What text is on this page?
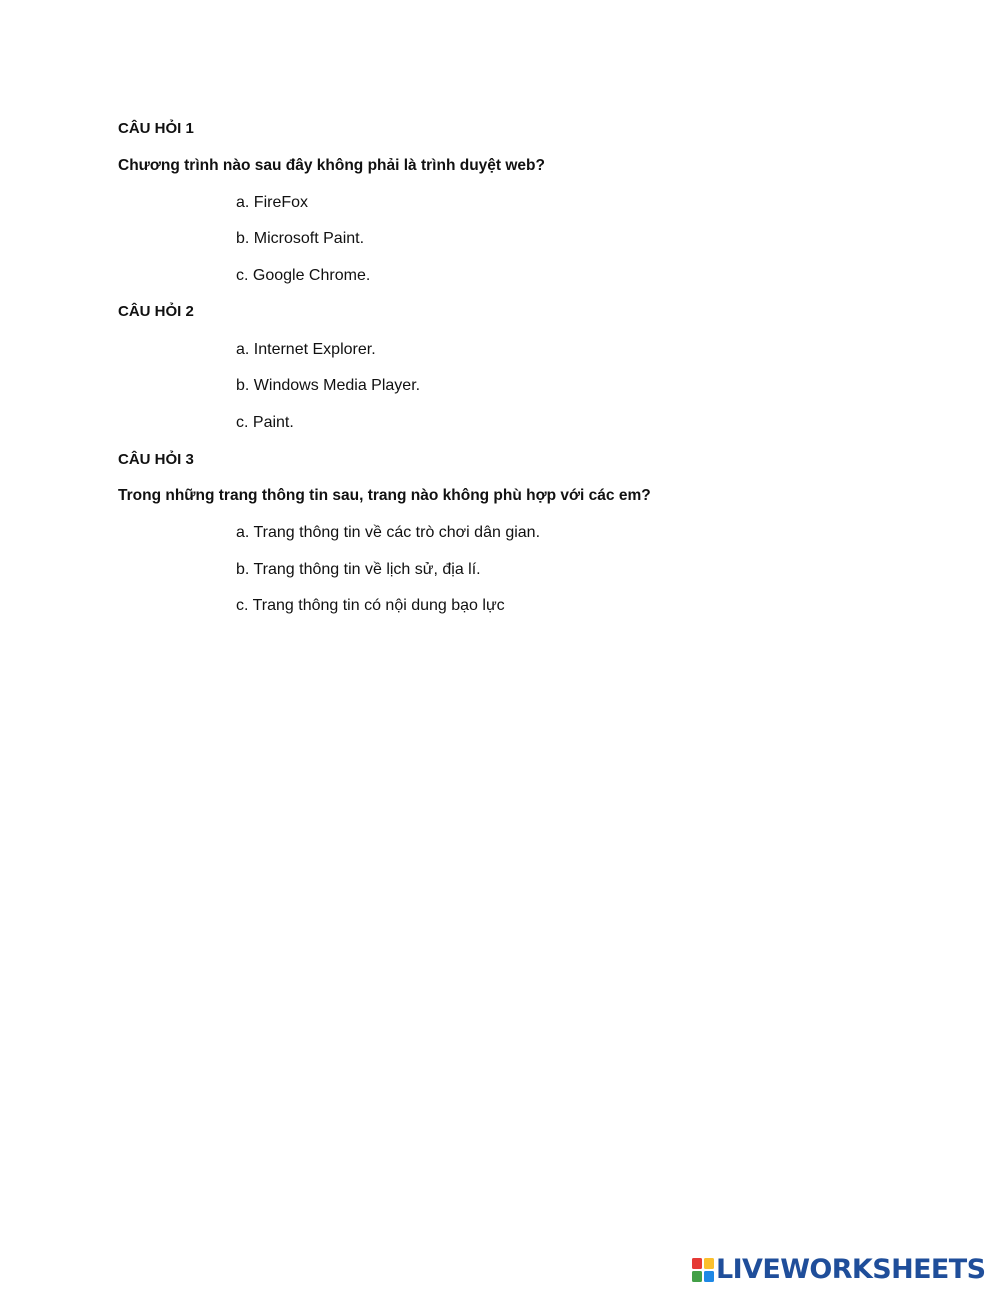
CÂU HỎI 1
Chương trình nào sau đây không phải là trình duyệt web?
a. FireFox
b. Microsoft Paint.
c. Google Chrome.
CÂU HỎI 2
a. Internet Explorer.
b. Windows Media Player.
c. Paint.
CÂU HỎI 3
Trong những trang thông tin sau, trang nào không phù hợp với các em?
a. Trang thông tin về các trò chơi dân gian.
b. Trang thông tin về lịch sử, địa lí.
c. Trang thông tin có nội dung bạo lực
LIVEWORKSHEETS
